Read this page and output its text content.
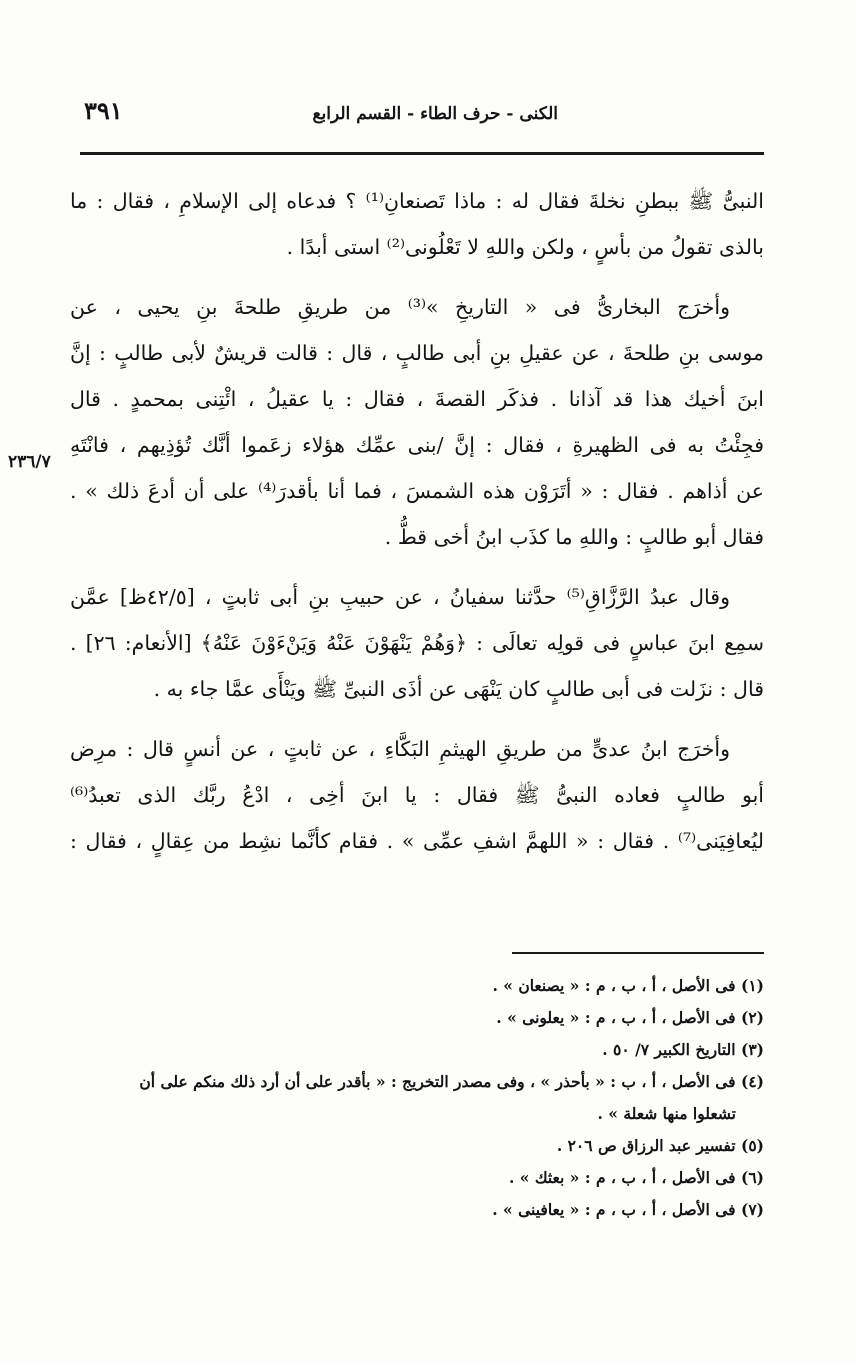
٣٩١	الكنى - حرف الطاء - القسم الرابع
٢٣٦/٧
النبىُّ ﷺ ببطنِ نخلةَ فقال له : ماذا تَصنعانِ⁽¹⁾ ؟ فدعاه إلى الإسلامِ ، فقال : ما
بالذى تقولُ من بأسٍ ، ولكن واللهِ لا تَعْلُونى⁽²⁾ استى أبدًا .
وأخرَج البخارىُّ فى « التاريخِ »⁽³⁾ من طريقِ طلحةَ بنِ يحيى ، عن
موسى بنِ طلحةَ ، عن عقيلِ بنِ أبى طالبٍ ، قال : قالت قريشٌ لأبى طالبٍ : إنَّ
ابنَ أخيك هذا قد آذانا . فذكَر القصةَ ، فقال : يا عقيلُ ، ائْتِنى بمحمدٍ . قال
فجِئْتُ به فى الظهيرةِ ، فقال : إنَّ /بنى عمِّك هؤلاء زعَموا أنَّك تُؤذِيهم ، فانْتَهِ
عن أذاهم . فقال : « أتَرَوْن هذه الشمسَ ، فما أنا بأقدرَ⁽⁴⁾ على أن أدعَ ذلك » .
فقال أبو طالبٍ : واللهِ ما كذَب ابنُ أخى قطُّ .
وقال عبدُ الرَّزَّاقِ⁽⁵⁾ حدَّثنا سفيانُ ، عن حبيبِ بنِ أبى ثابتٍ ، [٤٢/٥ظ] عمَّن
سمِع ابنَ عباسٍ فى قولِه تعالَى : ﴿وَهُمْ يَنْهَوْنَ عَنْهُ وَيَنْءَوْنَ عَنْهُ﴾ [الأنعام: ٢٦] .
قال : نزَلت فى أبى طالبٍ كان يَنْهَى عن أذَى النبىِّ ﷺ ويَنْأَى عمَّا جاء به .
وأخرَج ابنُ عدىٍّ من طريقِ الهيثمِ البَكَّاءِ ، عن ثابتٍ ، عن أنسٍ قال : مرِض
أبو طالبٍ فعاده النبىُّ ﷺ فقال : يا ابنَ أخِى ، ادْعُ ربَّك الذى تعبدُ⁽⁶⁾
ليُعافِيَنى⁽⁷⁾ . فقال : « اللهمَّ اشفِ عمِّى » . فقام كأنَّما نشِط من عِقالٍ ، فقال :
(١) فى الأصل ، أ ، ب ، م : « يصنعان » .
(٢) فى الأصل ، أ ، ب ، م : « يعلونى » .
(٣) التاريخ الكبير ٧/ ٥٠ .
(٤) فى الأصل ، أ ، ب : « بأحذر » ، وفى مصدر التخريج : « بأقدر على أن أرد ذلك منكم على أن
تشعلوا منها شعلة » .
(٥) تفسير عبد الرزاق ص ٢٠٦ .
(٦) فى الأصل ، أ ، ب ، م : « بعثك » .
(٧) فى الأصل ، أ ، ب ، م : « يعافينى » .
